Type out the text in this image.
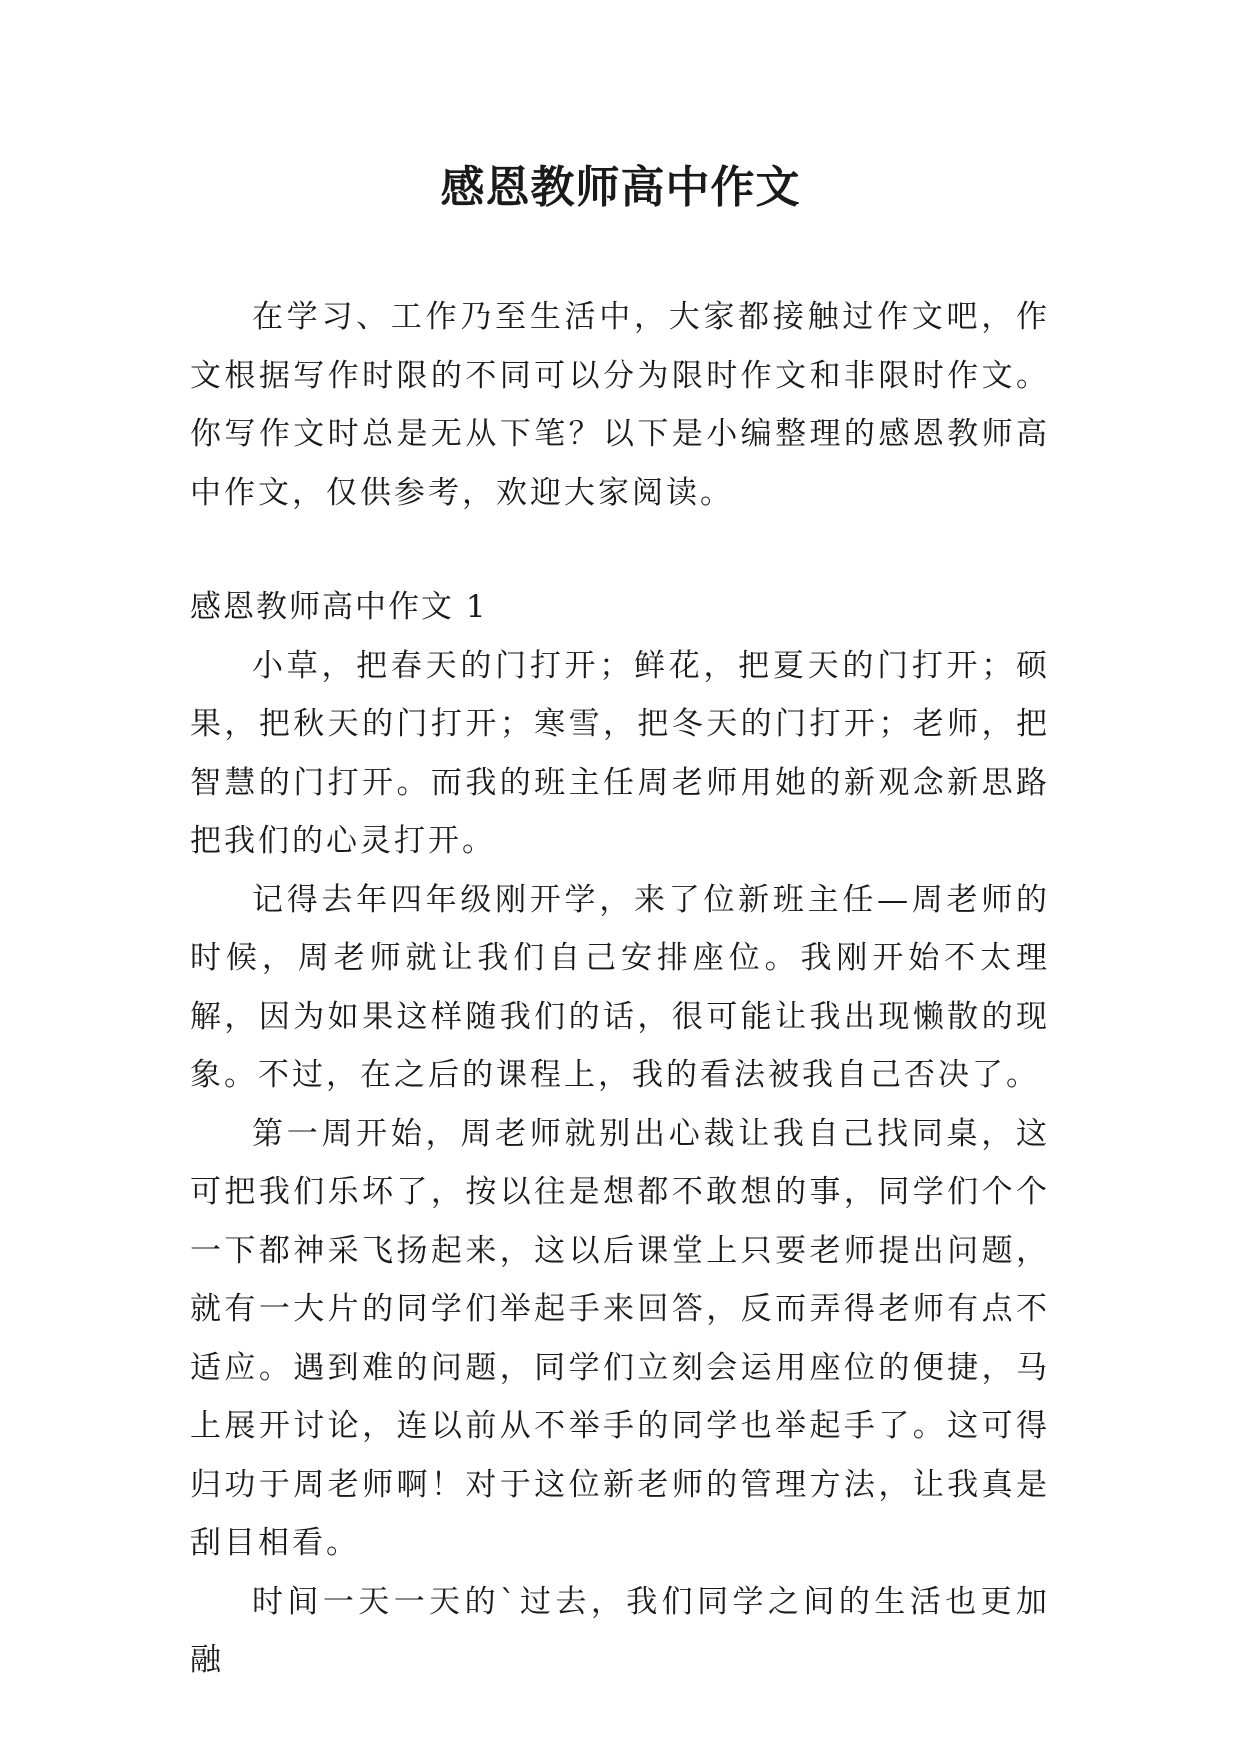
感恩教师高中作文

在学习、工作乃至生活中，大家都接触过作文吧，作文根据写作时限的不同可以分为限时作文和非限时作文。你写作文时总是无从下笔？以下是小编整理的感恩教师高中作文，仅供参考，欢迎大家阅读。

感恩教师高中作文 1

小草，把春天的门打开；鲜花，把夏天的门打开；硕果，把秋天的门打开；寒雪，把冬天的门打开；老师，把智慧的门打开。而我的班主任周老师用她的新观念新思路把我们的心灵打开。

记得去年四年级刚开学，来了位新班主任—周老师的时候，周老师就让我们自己安排座位。我刚开始不太理解，因为如果这样随我们的话，很可能让我出现懒散的现象。不过，在之后的课程上，我的看法被我自己否决了。

第一周开始，周老师就别出心裁让我自己找同桌，这可把我们乐坏了，按以往是想都不敢想的事，同学们个个一下都神采飞扬起来，这以后课堂上只要老师提出问题，就有一大片的同学们举起手来回答，反而弄得老师有点不适应。遇到难的问题，同学们立刻会运用座位的便捷，马上展开讨论，连以前从不举手的同学也举起手了。这可得归功于周老师啊！对于这位新老师的管理方法，让我真是刮目相看。

时间一天一天的`过去，我们同学之间的生活也更加融
